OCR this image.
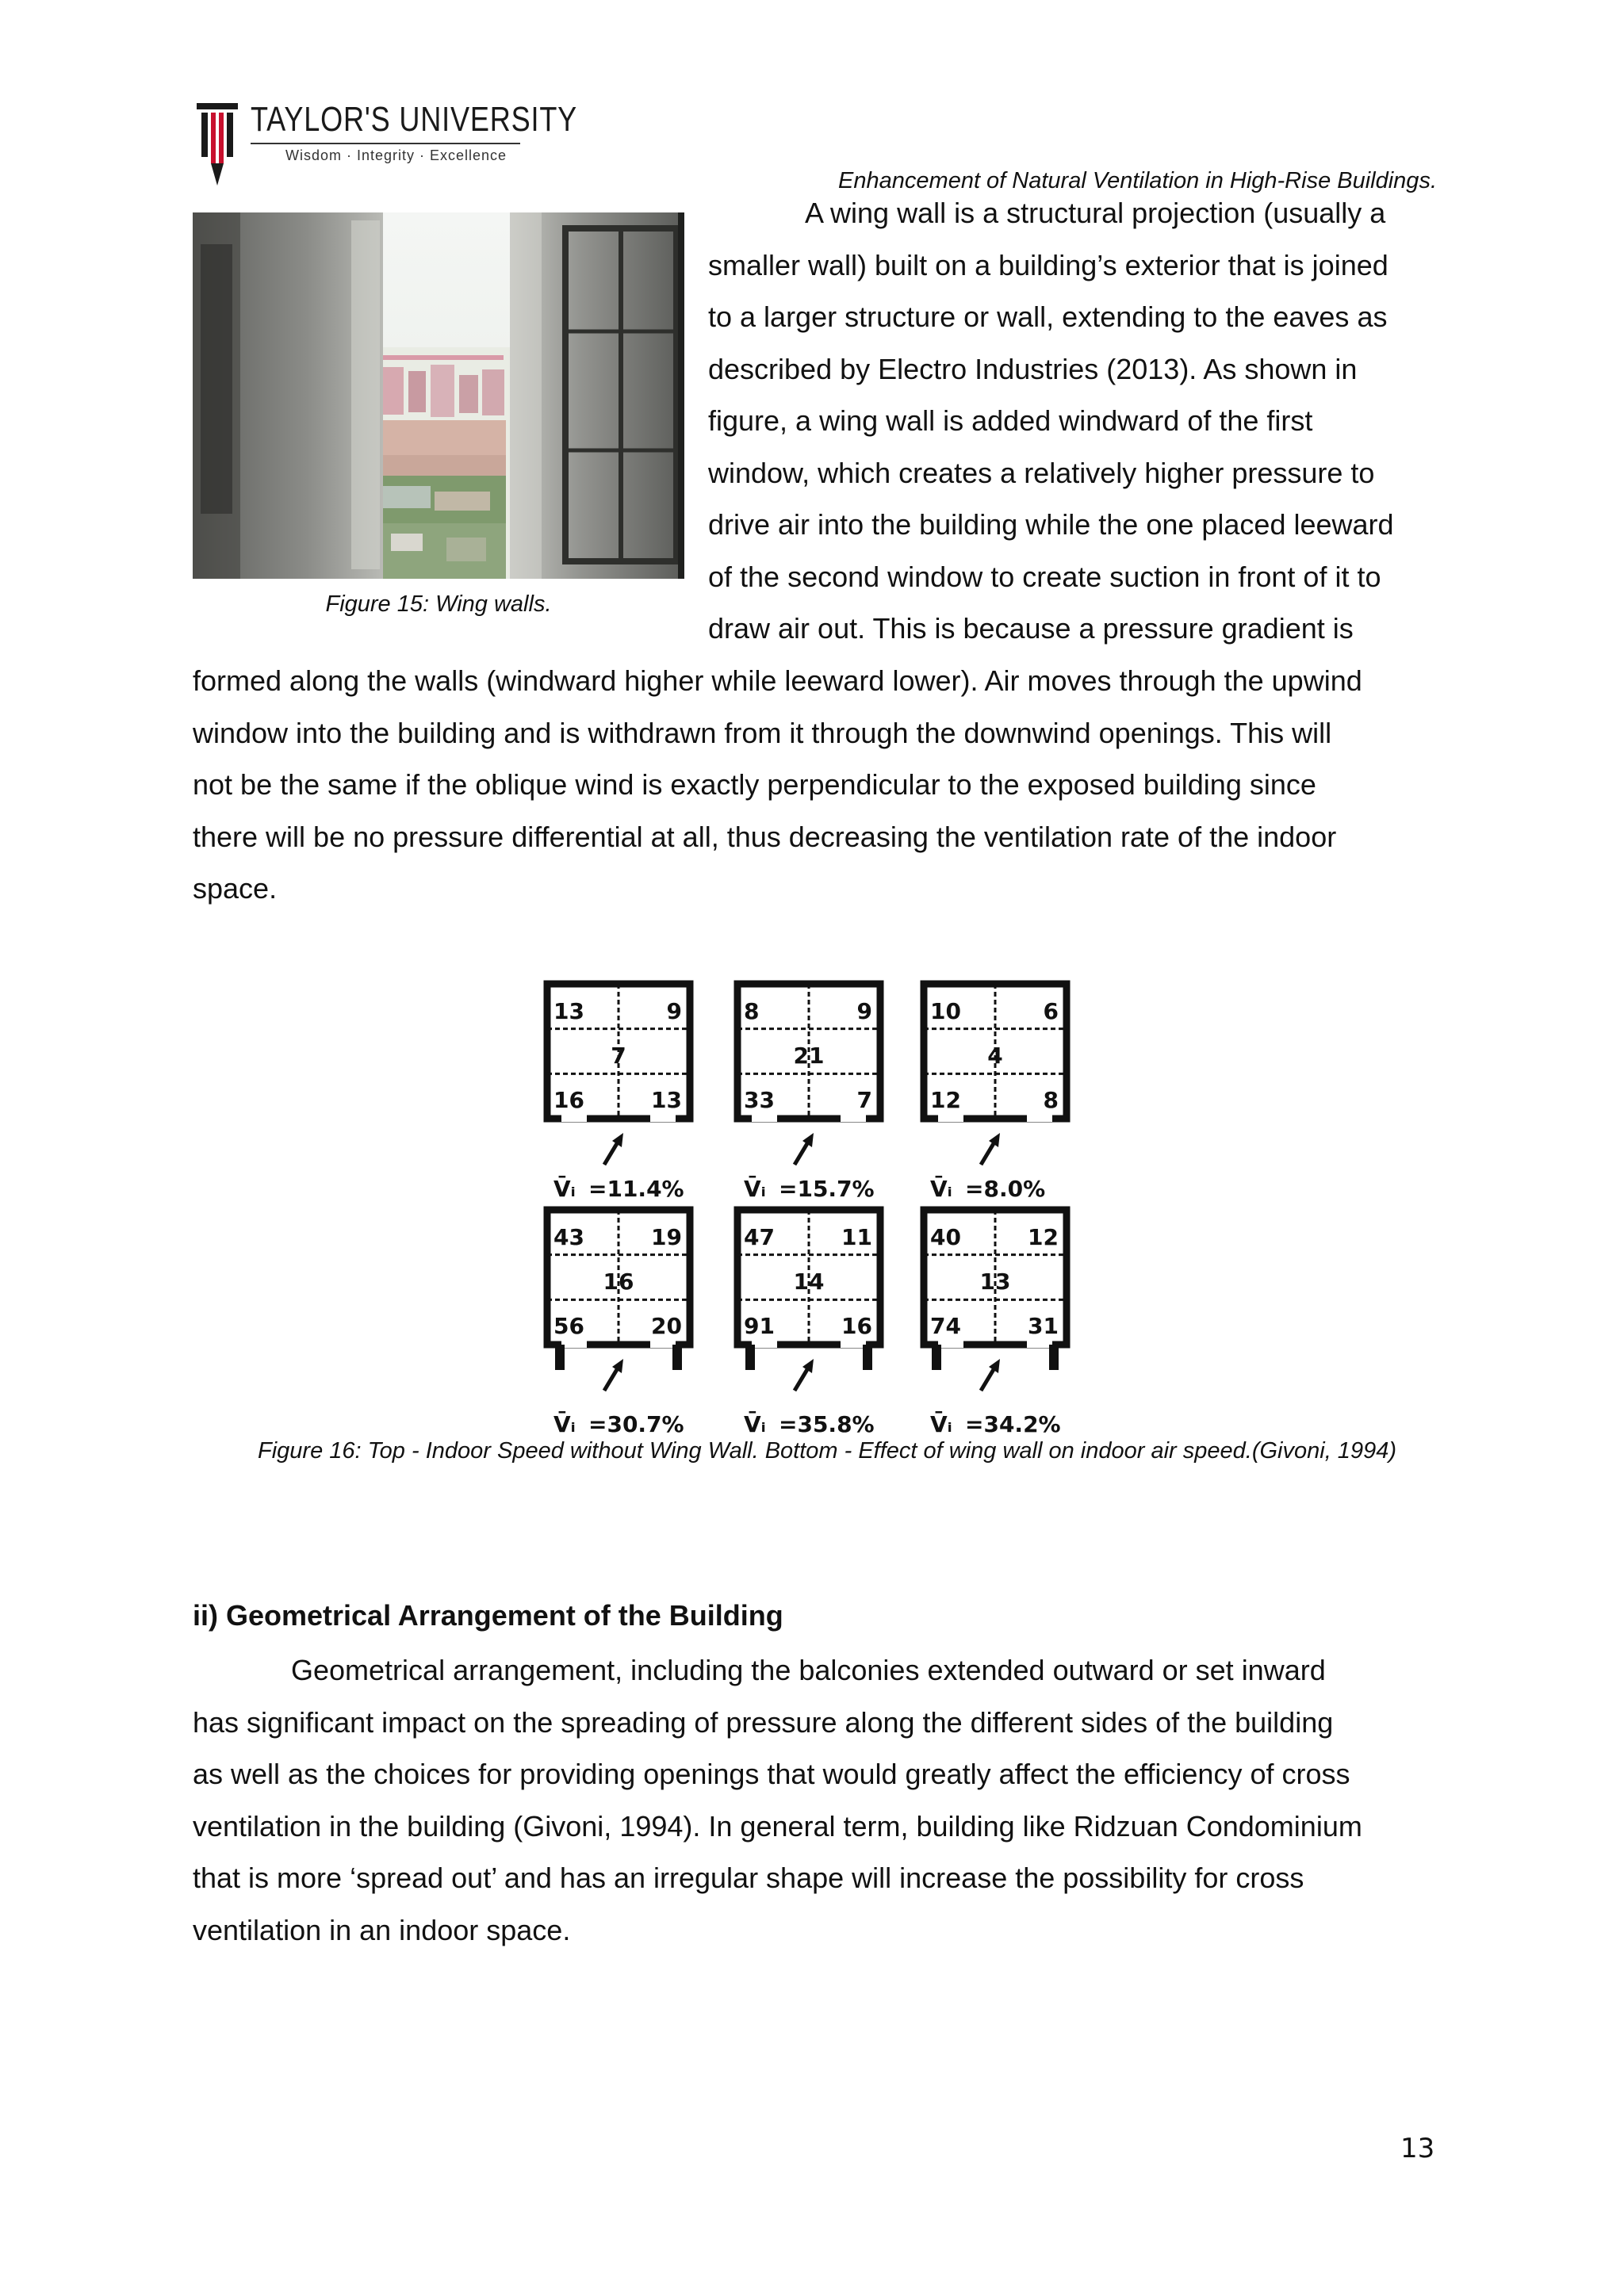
TAYLOR'S UNIVERSITY
Wisdom · Integrity · Excellence
Enhancement of Natural Ventilation in High-Rise Buildings.
Figure 15: Wing walls.
A wing wall is a structural projection (usually a
smaller wall) built on a building’s exterior that is joined
to a larger structure or wall, extending to the eaves as
described by Electro Industries (2013). As shown in
figure, a wing wall is added windward of the first
window, which creates a relatively higher pressure to
drive air into the building while the one placed leeward
of the second window to create suction in front of it to
draw air out. This is because a pressure gradient is
formed along the walls (windward higher while leeward lower). Air moves through the upwind
window into the building and is withdrawn from it through the downwind openings. This will
not be the same if the oblique wind is exactly perpendicular to the exposed building since
there will be no pressure differential at all, thus decreasing the ventilation rate of the indoor
space.
13	9
7
16	13
V̄ᵢ =11.4%
8	9
21
33	7
V̄ᵢ =15.7%
10	6
4
12	8
V̄ᵢ =8.0%
43	19
16
56	20
V̄ᵢ =30.7%
47	11
14
91	16
V̄ᵢ =35.8%
40	12
13
74	31
V̄ᵢ =34.2%
Figure 16: Top - Indoor Speed without Wing Wall. Bottom - Effect of wing wall on indoor air speed.(Givoni, 1994)
ii) Geometrical Arrangement of the Building
Geometrical arrangement, including the balconies extended outward or set inward
has significant impact on the spreading of pressure along the different sides of the building
as well as the choices for providing openings that would greatly affect the efficiency of cross
ventilation in the building (Givoni, 1994). In general term, building like Ridzuan Condominium
that is more ‘spread out’ and has an irregular shape will increase the possibility for cross
ventilation in an indoor space.
13
